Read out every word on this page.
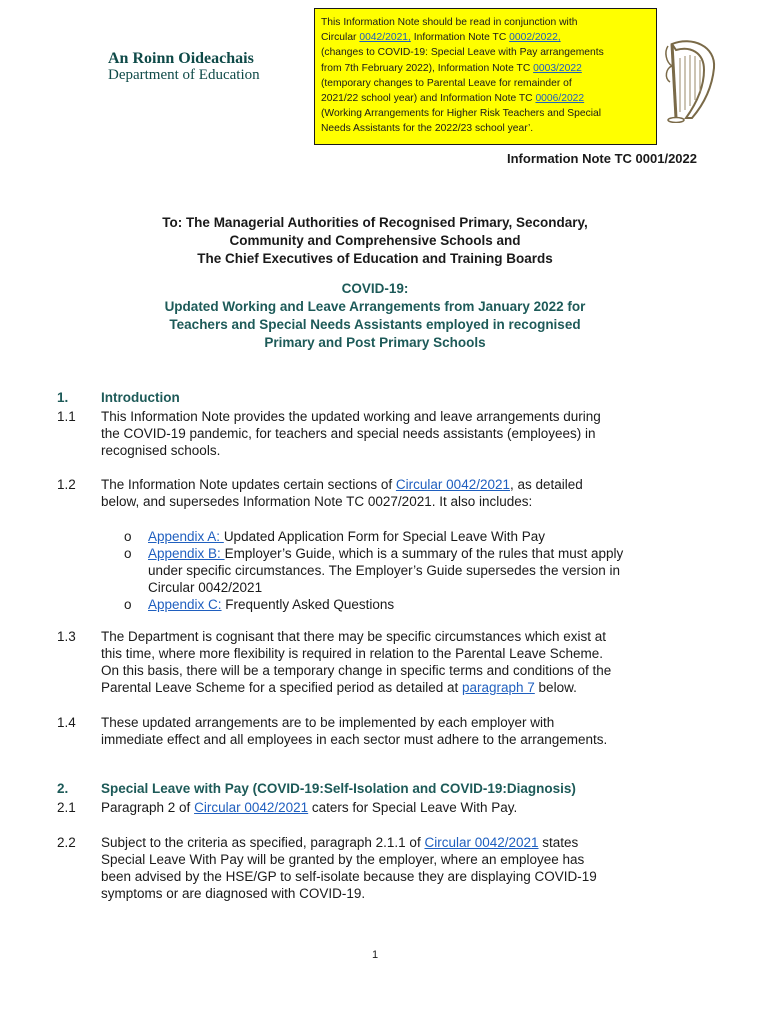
An Roinn Oideachais
Department of Education
This Information Note should be read in conjunction with
Circular 0042/2021, Information Note TC 0002/2022,
(changes to COVID-19: Special Leave with Pay arrangements
from 7th February 2022), Information Note TC 0003/2022
(temporary changes to Parental Leave for remainder of
2021/22 school year) and Information Note TC 0006/2022
(Working Arrangements for Higher Risk Teachers and Special
Needs Assistants for the 2022/23 school year’.
Information Note TC 0001/2022
To: The Managerial Authorities of Recognised Primary, Secondary,
Community and Comprehensive Schools and
The Chief Executives of Education and Training Boards
COVID-19:
Updated Working and Leave Arrangements from January 2022 for
Teachers and Special Needs Assistants employed in recognised
Primary and Post Primary Schools
1. Introduction
1.1 This Information Note provides the updated working and leave arrangements during
the COVID-19 pandemic, for teachers and special needs assistants (employees) in
recognised schools.
1.2 The Information Note updates certain sections of Circular 0042/2021, as detailed
below, and supersedes Information Note TC 0027/2021. It also includes:
o Appendix A: Updated Application Form for Special Leave With Pay
o Appendix B: Employer’s Guide, which is a summary of the rules that must apply
under specific circumstances. The Employer’s Guide supersedes the version in
Circular 0042/2021
o Appendix C: Frequently Asked Questions
1.3 The Department is cognisant that there may be specific circumstances which exist at
this time, where more flexibility is required in relation to the Parental Leave Scheme.
On this basis, there will be a temporary change in specific terms and conditions of the
Parental Leave Scheme for a specified period as detailed at paragraph 7 below.
1.4 These updated arrangements are to be implemented by each employer with
immediate effect and all employees in each sector must adhere to the arrangements.
2. Special Leave with Pay (COVID-19:Self-Isolation and COVID-19:Diagnosis)
2.1 Paragraph 2 of Circular 0042/2021 caters for Special Leave With Pay.
2.2 Subject to the criteria as specified, paragraph 2.1.1 of Circular 0042/2021 states
Special Leave With Pay will be granted by the employer, where an employee has
been advised by the HSE/GP to self-isolate because they are displaying COVID-19
symptoms or are diagnosed with COVID-19.
1
